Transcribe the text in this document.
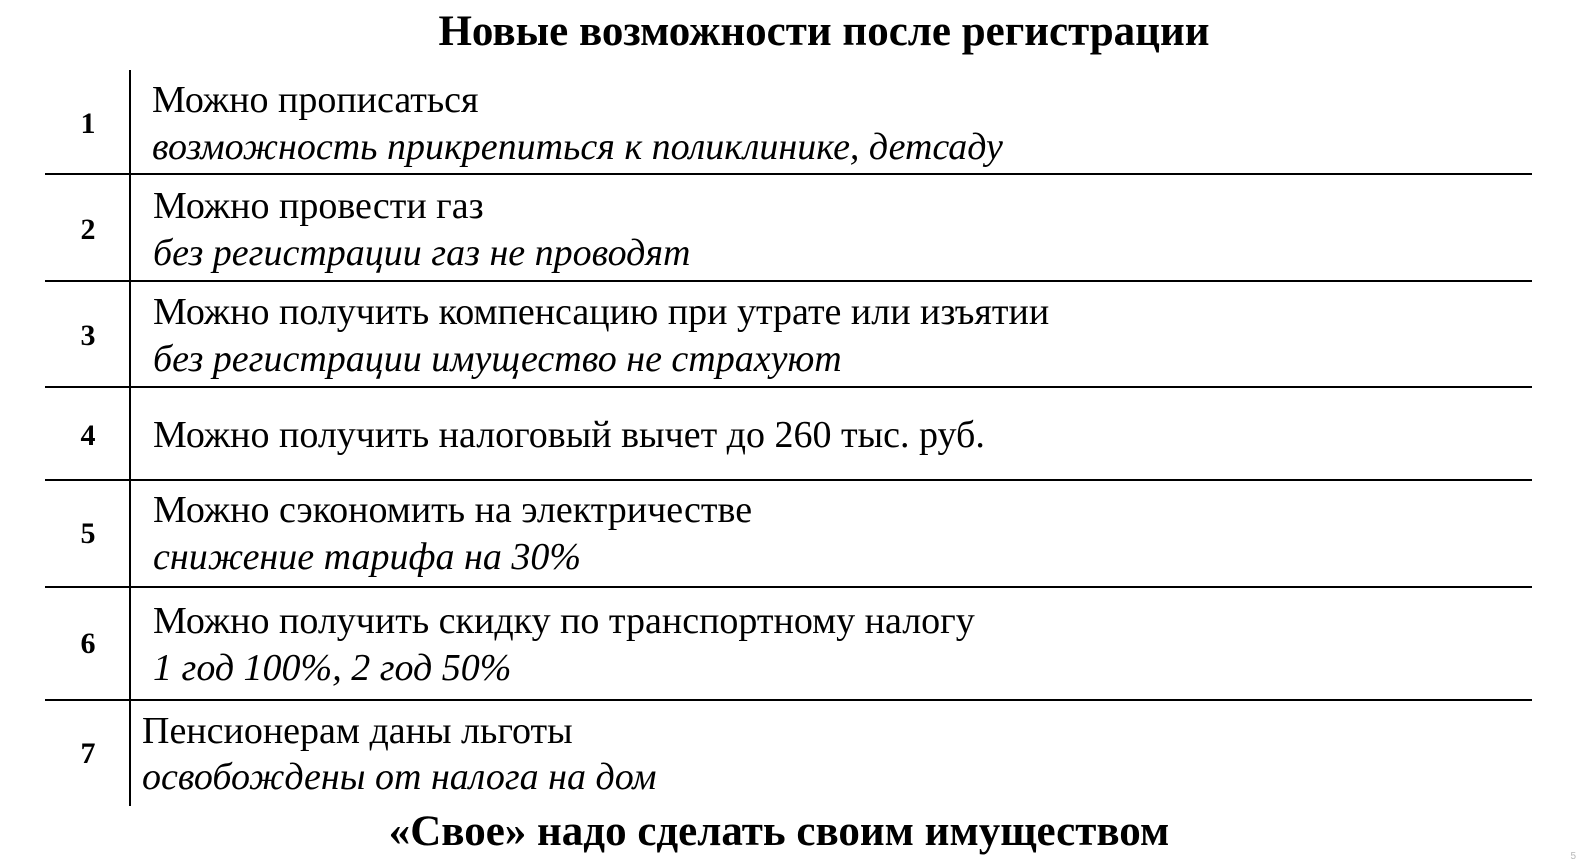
Новые возможности после регистрации
1
Можно прописаться
возможность прикрепиться к поликлинике, детсаду
2
Можно провести газ
без регистрации газ не проводят
3
Можно получить компенсацию при утрате или изъятии
без регистрации имущество не страхуют
4	Можно получить налоговый вычет до 260 тыс. руб.
5
Можно сэкономить на электричестве
снижение тарифа на 30%
6
Можно получить скидку по транспортному налогу
1 год 100%, 2 год 50%
7
Пенсионерам даны льготы
освобождены от налога на дом
«Свое» надо сделать своим имуществом
5
